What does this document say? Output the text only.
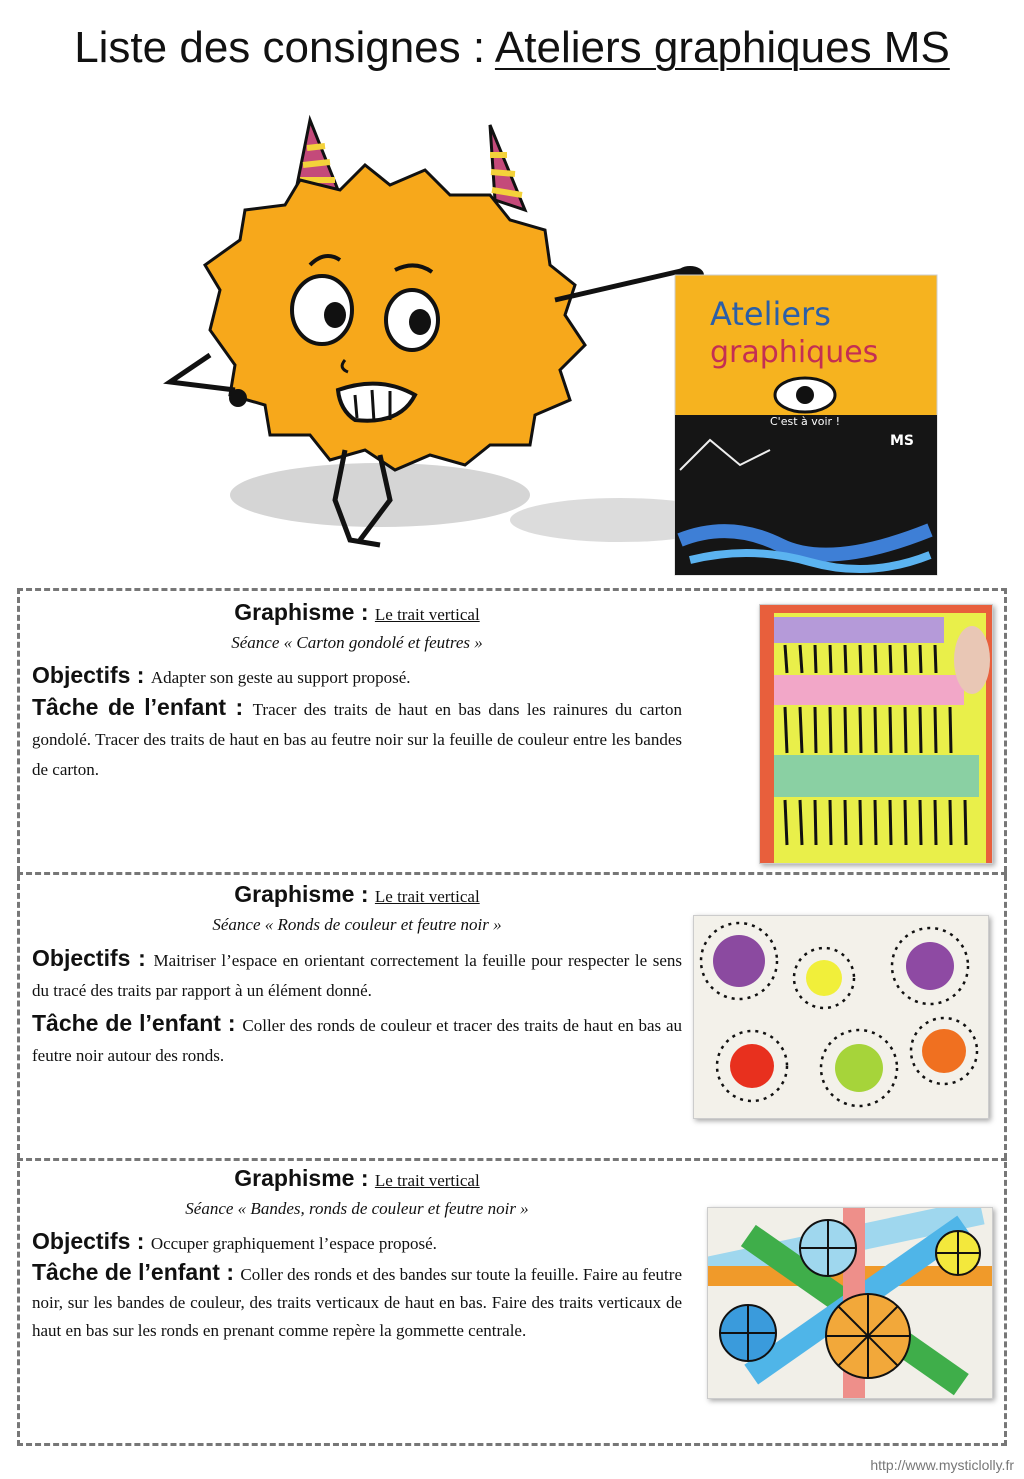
Liste des consignes : Ateliers graphiques MS
Ateliers
graphiques
C'est à voir !
MS
Graphisme : Le trait vertical
Séance « Carton gondolé et feutres »

Objectifs : Adapter son geste au support proposé.

Tâche de l’enfant : Tracer des traits de haut en bas dans les rainures du carton gondolé. Tracer des traits de haut en bas au feutre noir sur la feuille de couleur entre les bandes de carton.

Graphisme : Le trait vertical
Séance « Ronds de couleur et feutre noir »

Objectifs : Maitriser l’espace en orientant correctement la feuille pour respecter le sens du tracé des traits par rapport à un élément donné.

Tâche de l’enfant : Coller des ronds de couleur et tracer des traits de haut en bas au feutre noir autour des ronds.

Graphisme : Le trait vertical
Séance « Bandes, ronds de couleur et feutre noir »

Objectifs : Occuper graphiquement l’espace proposé.

Tâche de l’enfant : Coller des ronds et des bandes sur toute la feuille. Faire au feutre noir, sur les bandes de couleur, des traits verticaux de haut en bas. Faire des traits verticaux de haut en bas sur les ronds en prenant comme repère la gommette centrale.

http://www.mysticlolly.fr
